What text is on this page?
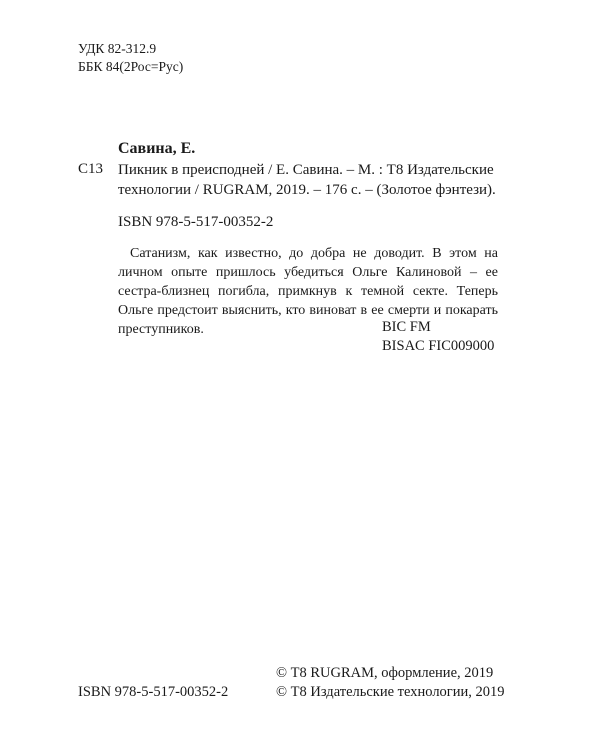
УДК 82-312.9
ББК 84(2Рос=Рус)
Савина, Е.
С13 Пикник в преисподней / Е. Савина. – М. : Т8 Издательские технологии / RUGRAM, 2019. – 176 с. – (Золотое фэнтези).
ISBN 978-5-517-00352-2
Сатанизм, как известно, до добра не доводит. В этом на личном опыте пришлось убедиться Ольге Калиновой – ее сестра-близнец погибла, примкнув к темной секте. Теперь Ольге предстоит выяснить, кто виноват в ее смерти и покарать преступников.	BIC FM
BISAC FIC009000
© Т8 RUGRAM, оформление, 2019
© Т8 Издательские технологии, 2019
ISBN 978-5-517-00352-2
